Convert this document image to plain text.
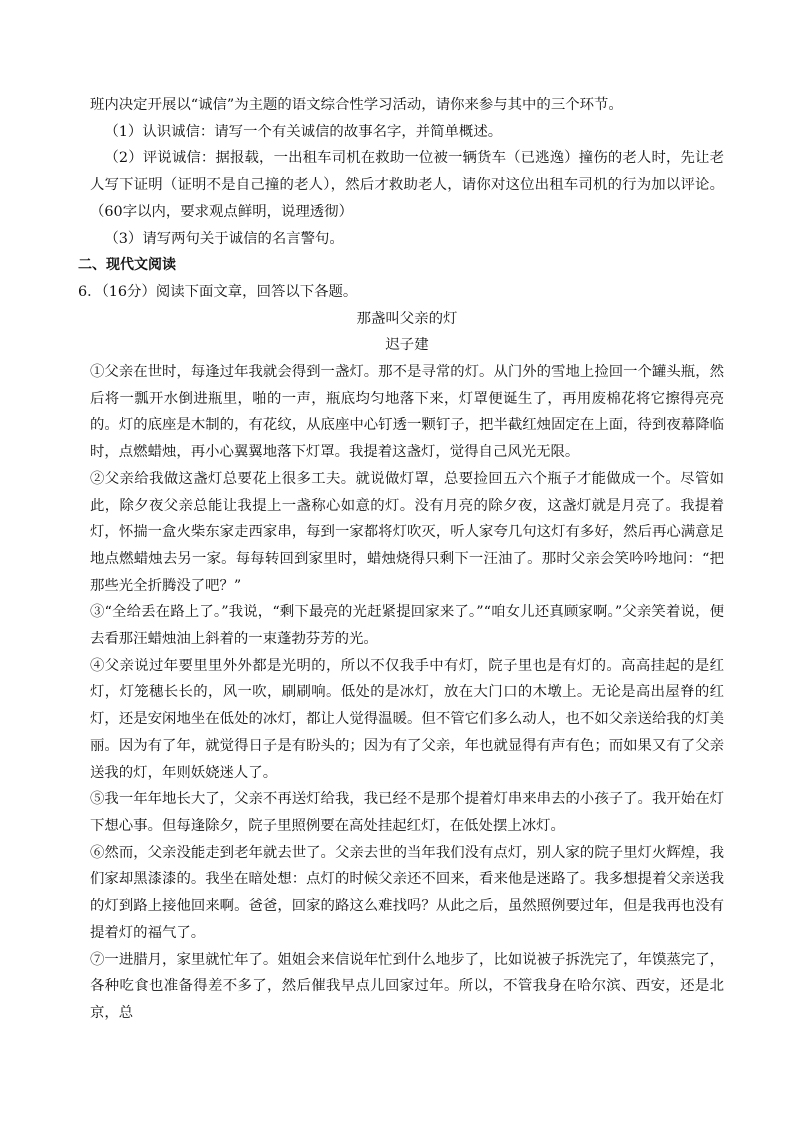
班内决定开展以“诚信”为主题的语文综合性学习活动，请你来参与其中的三个环节。

（1）认识诚信：请写一个有关诚信的故事名字，并简单概述。

（2）评说诚信：据报载，一出租车司机在救助一位被一辆货车（已逃逸）撞伤的老人时，先让老人写下证明（证明不是自己撞的老人），然后才救助老人，请你对这位出租车司机的行为加以评论。（60字以内，要求观点鲜明，说理透彻）

（3）请写两句关于诚信的名言警句。

二、现代文阅读

6．（16分）阅读下面文章，回答以下各题。

那盏叫父亲的灯

迟子建

①父亲在世时，每逢过年我就会得到一盏灯。那不是寻常的灯。从门外的雪地上捡回一个罐头瓶，然后将一瓢开水倒进瓶里，啪的一声，瓶底均匀地落下来，灯罩便诞生了，再用废棉花将它擦得亮亮的。灯的底座是木制的，有花纹，从底座中心钉透一颗钉子，把半截红烛固定在上面，待到夜幕降临时，点燃蜡烛，再小心翼翼地落下灯罩。我提着这盏灯，觉得自己风光无限。

②父亲给我做这盏灯总要花上很多工夫。就说做灯罩，总要捡回五六个瓶子才能做成一个。尽管如此，除夕夜父亲总能让我提上一盏称心如意的灯。没有月亮的除夕夜，这盏灯就是月亮了。我提着灯，怀揣一盒火柴东家走西家串，每到一家都将灯吹灭，听人家夸几句这灯有多好，然后再心满意足地点燃蜡烛去另一家。每每转回到家里时，蜡烛烧得只剩下一汪油了。那时父亲会笑吟吟地问：“把那些光全折腾没了吧？”

③“全给丢在路上了。”我说，“剩下最亮的光赶紧提回家来了。”“咱女儿还真顾家啊。”父亲笑着说，便去看那汪蜡烛油上斜着的一束蓬勃芬芳的光。

④父亲说过年要里里外外都是光明的，所以不仅我手中有灯，院子里也是有灯的。高高挂起的是红灯，灯笼穗长长的，风一吹，刷刷响。低处的是冰灯，放在大门口的木墩上。无论是高出屋脊的红灯，还是安闲地坐在低处的冰灯，都让人觉得温暖。但不管它们多么动人，也不如父亲送给我的灯美丽。因为有了年，就觉得日子是有盼头的；因为有了父亲，年也就显得有声有色；而如果又有了父亲送我的灯，年则妖娆迷人了。

⑤我一年年地长大了，父亲不再送灯给我，我已经不是那个提着灯串来串去的小孩子了。我开始在灯下想心事。但每逢除夕，院子里照例要在高处挂起红灯，在低处摆上冰灯。

⑥然而，父亲没能走到老年就去世了。父亲去世的当年我们没有点灯，别人家的院子里灯火辉煌，我们家却黑漆漆的。我坐在暗处想：点灯的时候父亲还不回来，看来他是迷路了。我多想提着父亲送我的灯到路上接他回来啊。爸爸，回家的路这么难找吗？从此之后，虽然照例要过年，但是我再也没有提着灯的福气了。

⑦一进腊月，家里就忙年了。姐姐会来信说年忙到什么地步了，比如说被子拆洗完了，年馍蒸完了，各种吃食也准备得差不多了，然后催我早点儿回家过年。所以，不管我身在哈尔滨、西安，还是北京，总
